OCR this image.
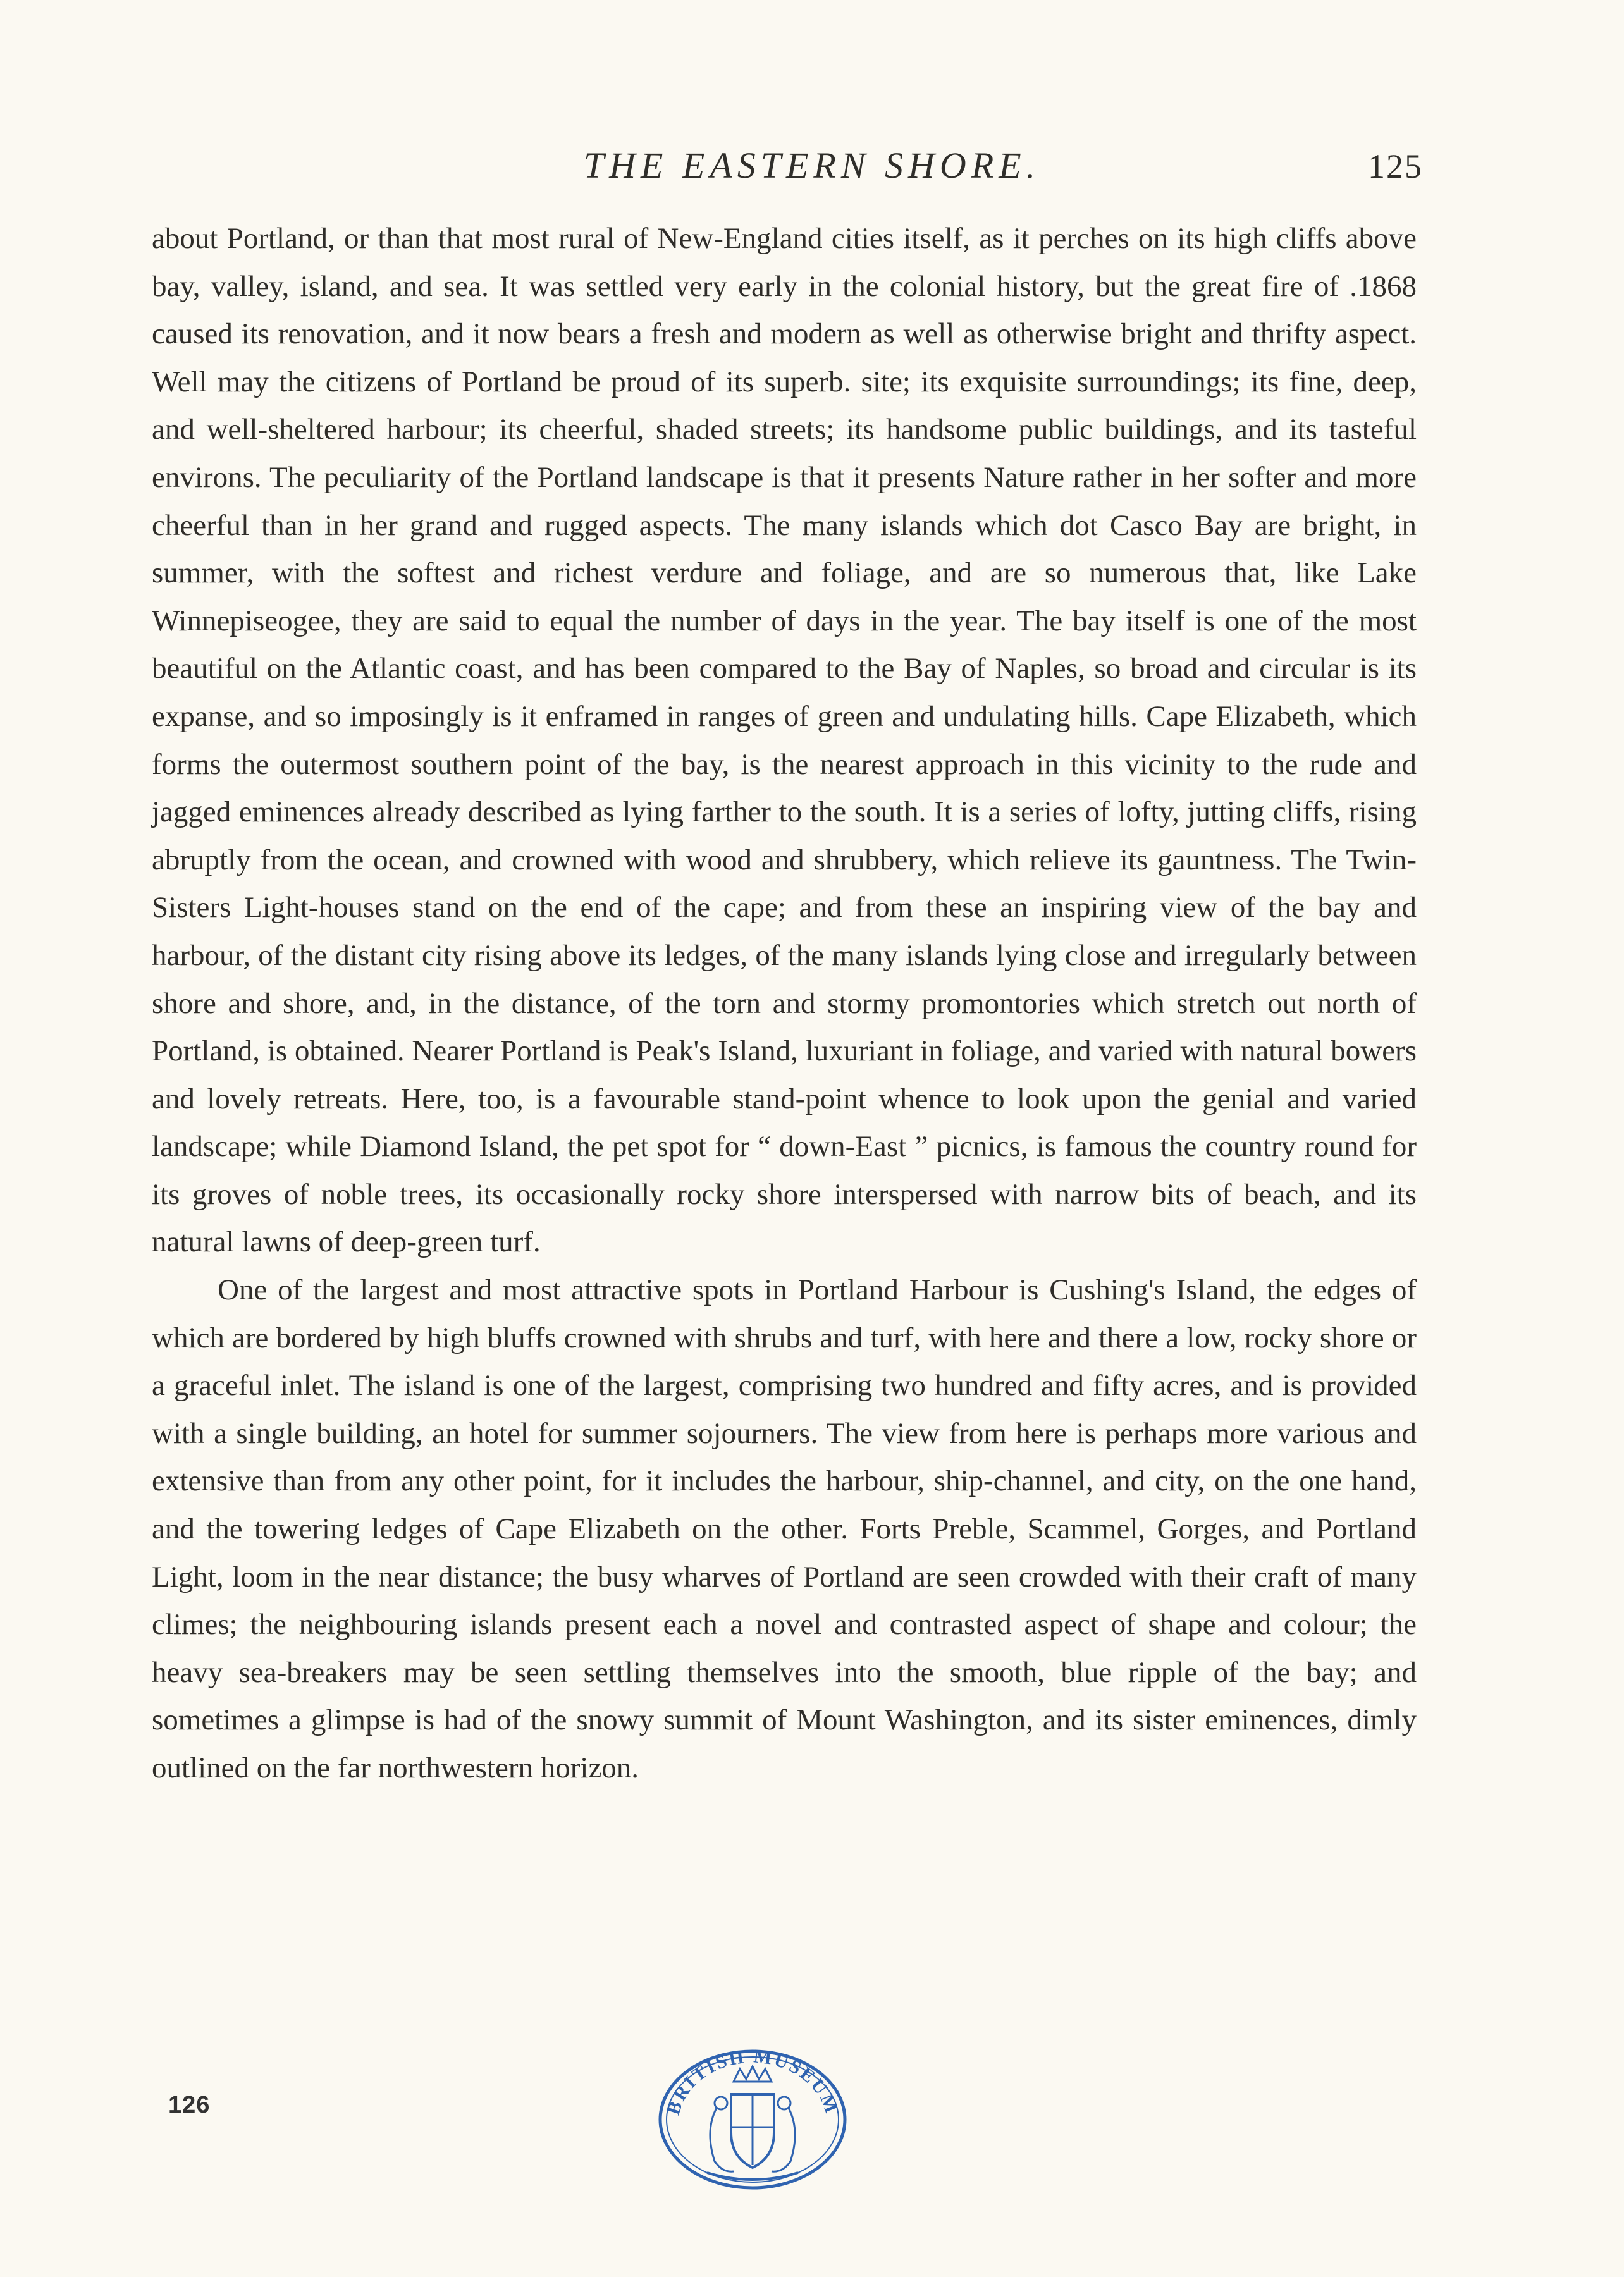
THE EASTERN SHORE.	125

about Portland, or than that most rural of New-England cities itself, as it perches on its high cliffs above bay, valley, island, and sea. It was settled very early in the colonial history, but the great fire of .1868 caused its renovation, and it now bears a fresh and modern as well as otherwise bright and thrifty aspect. Well may the citizens of Portland be proud of its superb. site; its exquisite surroundings; its fine, deep, and well-sheltered harbour; its cheerful, shaded streets; its handsome public buildings, and its tasteful environs. The peculiarity of the Portland landscape is that it presents Nature rather in her softer and more cheerful than in her grand and rugged aspects. The many islands which dot Casco Bay are bright, in summer, with the softest and richest verdure and foliage, and are so numerous that, like Lake Winnepiseogee, they are said to equal the number of days in the year. The bay itself is one of the most beautiful on the Atlantic coast, and has been compared to the Bay of Naples, so broad and circular is its expanse, and so imposingly is it enframed in ranges of green and undulating hills. Cape Elizabeth, which forms the outermost southern point of the bay, is the nearest approach in this vicinity to the rude and jagged eminences already described as lying farther to the south. It is a series of lofty, jutting cliffs, rising abruptly from the ocean, and crowned with wood and shrubbery, which relieve its gauntness. The Twin-Sisters Light-houses stand on the end of the cape; and from these an inspiring view of the bay and harbour, of the distant city rising above its ledges, of the many islands lying close and irregularly between shore and shore, and, in the distance, of the torn and stormy promontories which stretch out north of Portland, is obtained. Nearer Portland is Peak's Island, luxuriant in foliage, and varied with natural bowers and lovely retreats. Here, too, is a favourable stand-point whence to look upon the genial and varied landscape; while Diamond Island, the pet spot for “ down-East ” picnics, is famous the country round for its groves of noble trees, its occasionally rocky shore interspersed with narrow bits of beach, and its natural lawns of deep-green turf.

One of the largest and most attractive spots in Portland Harbour is Cushing's Island, the edges of which are bordered by high bluffs crowned with shrubs and turf, with here and there a low, rocky shore or a graceful inlet. The island is one of the largest, comprising two hundred and fifty acres, and is provided with a single building, an hotel for summer sojourners. The view from here is perhaps more various and extensive than from any other point, for it includes the harbour, ship-channel, and city, on the one hand, and the towering ledges of Cape Elizabeth on the other. Forts Preble, Scammel, Gorges, and Portland Light, loom in the near distance; the busy wharves of Portland are seen crowded with their craft of many climes; the neighbouring islands present each a novel and contrasted aspect of shape and colour; the heavy sea-breakers may be seen settling themselves into the smooth, blue ripple of the bay; and sometimes a glimpse is had of the snowy summit of Mount Washington, and its sister eminences, dimly outlined on the far northwestern horizon.

126	BRITISH MUSEUM
